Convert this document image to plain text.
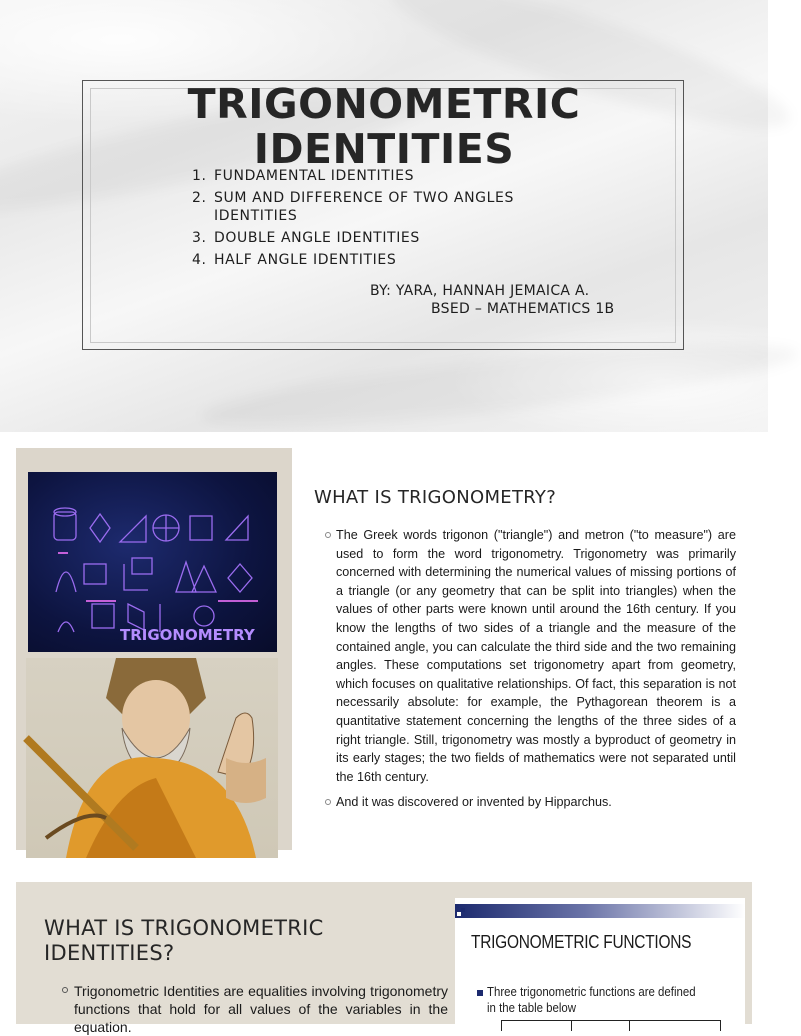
TRIGONOMETRIC
IDENTITIES
1. FUNDAMENTAL IDENTITIES
2. SUM AND DIFFERENCE OF TWO ANGLES IDENTITIES
3. DOUBLE ANGLE IDENTITIES
4. HALF ANGLE IDENTITIES
BY: YARA, HANNAH JEMAICA A.
BSED – MATHEMATICS 1B
TRIGONOMETRY
WHAT IS TRIGONOMETRY?
The Greek words trigonon ("triangle") and metron ("to measure") are used to form the word trigonometry. Trigonometry was primarily concerned with determining the numerical values of missing portions of a triangle (or any geometry that can be split into triangles) when the values of other parts were known until around the 16th century. If you know the lengths of two sides of a triangle and the measure of the contained angle, you can calculate the third side and the two remaining angles. These computations set trigonometry apart from geometry, which focuses on qualitative relationships. Of fact, this separation is not necessarily absolute: for example, the Pythagorean theorem is a quantitative statement concerning the lengths of the three sides of a right triangle. Still, trigonometry was mostly a byproduct of geometry in its early stages; the two fields of mathematics were not separated until the 16th century.
And it was discovered or invented by Hipparchus.
WHAT IS TRIGONOMETRIC IDENTITIES?
Trigonometric Identities are equalities involving trigonometry functions that hold for all values of the variables in the equation.
TRIGONOMETRIC FUNCTIONS
Three trigonometric functions are defined in the table below
